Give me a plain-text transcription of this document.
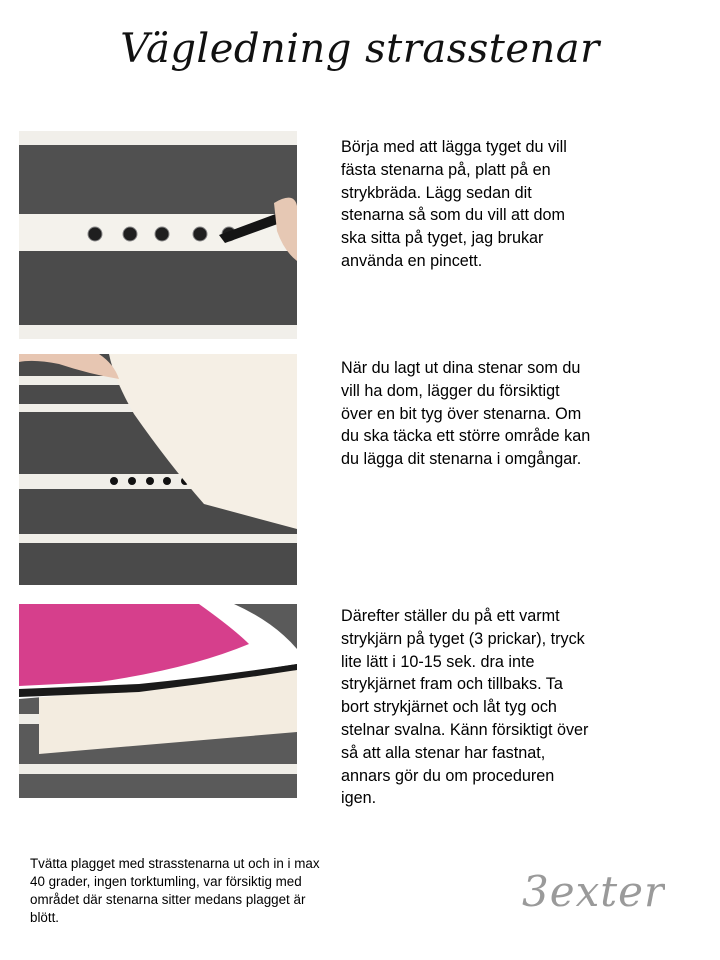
Vägledning strasstenar
Börja med att lägga tyget du vill
fästa stenarna på, platt på en
strykbräda. Lägg sedan dit
stenarna så som du vill att dom
ska sitta på tyget, jag brukar
använda en pincett.
När du lagt ut dina stenar som du
vill ha dom, lägger du försiktigt
över en bit tyg över stenarna. Om
du ska täcka ett större område kan
du lägga dit stenarna i omgångar.
Därefter ställer du på ett varmt
strykjärn på tyget (3 prickar), tryck
lite lätt i 10-15 sek. dra inte
strykjärnet fram och tillbaks. Ta
bort strykjärnet och låt tyg och
stelnar svalna. Känn försiktigt över
så att alla stenar har fastnat,
annars gör du om proceduren
igen.
Tvätta plagget med strasstenarna ut och in i max
40 grader, ingen torktumling, var försiktig med
området där stenarna sitter medans plagget är
blött.
3exter
